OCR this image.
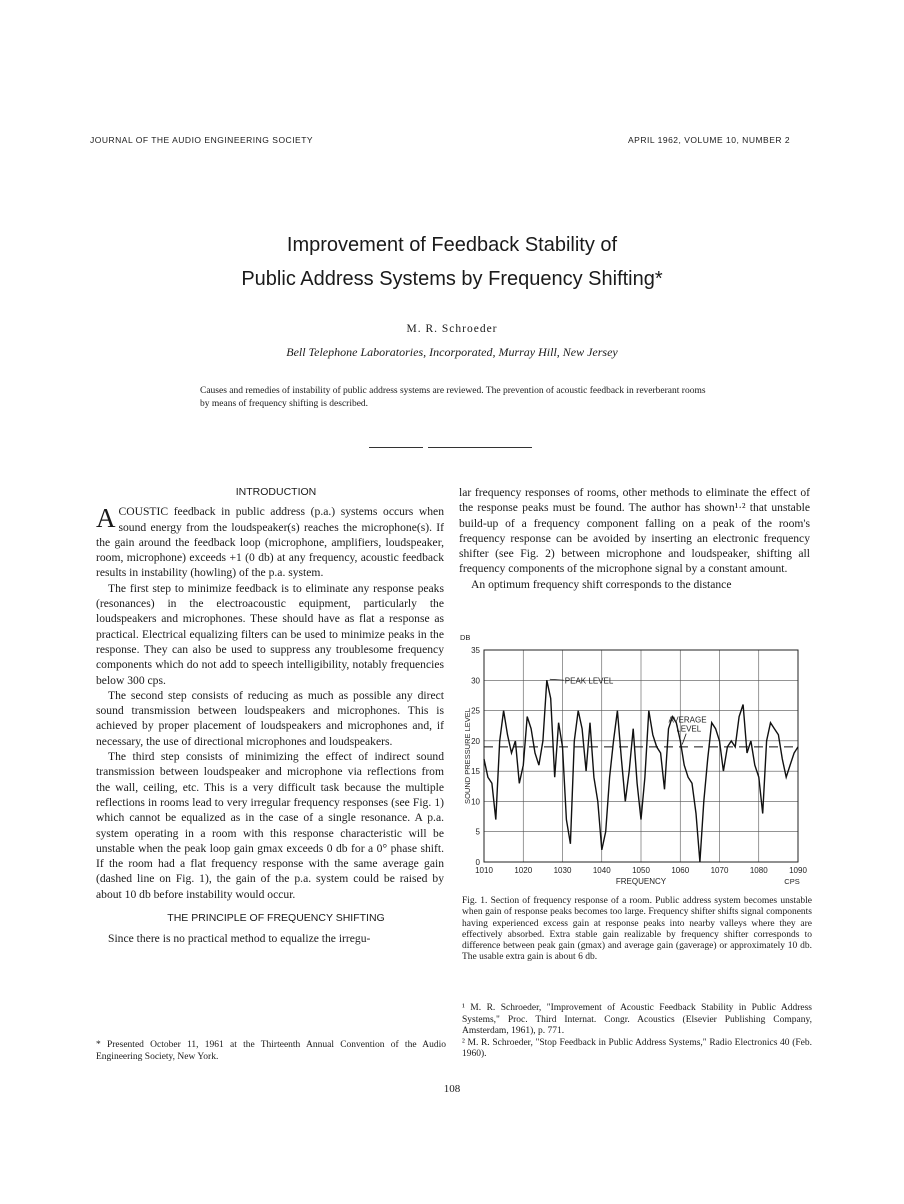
JOURNAL OF THE AUDIO ENGINEERING SOCIETY	APRIL 1962, VOLUME 10, NUMBER 2
Improvement of Feedback Stability of
Public Address Systems by Frequency Shifting*
M. R. Schroeder
Bell Telephone Laboratories, Incorporated, Murray Hill, New Jersey
Causes and remedies of instability of public address systems are reviewed. The prevention of acoustic feedback in reverberant rooms by means of frequency shifting is described.

INTRODUCTION

ACOUSTIC feedback in public address (p.a.) systems occurs when sound energy from the loudspeaker(s) reaches the microphone(s). If the gain around the feedback loop (microphone, amplifiers, loudspeaker, room, microphone) exceeds +1 (0 db) at any frequency, acoustic feedback results in instability (howling) of the p.a. system.

The first step to minimize feedback is to eliminate any response peaks (resonances) in the electroacoustic equipment, particularly the loudspeakers and microphones. These should have as flat a response as practical. Electrical equalizing filters can be used to minimize peaks in the response. They can also be used to suppress any troublesome frequency components which do not add to speech intelligibility, notably frequencies below 300 cps.

The second step consists of reducing as much as possible any direct sound transmission between loudspeakers and microphones. This is achieved by proper placement of loudspeakers and microphones and, if necessary, the use of directional microphones and loudspeakers.

The third step consists of minimizing the effect of indirect sound transmission between loudspeaker and microphone via reflections from the wall, ceiling, etc. This is a very difficult task because the multiple reflections in rooms lead to very irregular frequency responses (see Fig. 1) which cannot be equalized as in the case of a single resonance. A p.a. system operating in a room with this response characteristic will be unstable when the peak loop gain gmax exceeds 0 db for a 0° phase shift. If the room had a flat frequency response with the same average gain (dashed line on Fig. 1), the gain of the p.a. system could be raised by about 10 db before instability would occur.

THE PRINCIPLE OF FREQUENCY SHIFTING

Since there is no practical method to equalize the irregu-

* Presented October 11, 1961 at the Thirteenth Annual Convention of the Audio Engineering Society, New York.

lar frequency responses of rooms, other methods to eliminate the effect of the response peaks must be found. The author has shown¹·² that unstable build-up of a frequency component falling on a peak of the room's frequency response can be avoided by inserting an electronic frequency shifter (see Fig. 2) between microphone and loudspeaker, shifting all frequency components of the microphone signal by a constant amount.

An optimum frequency shift corresponds to the distance

0
5
10
15
20
25
30
35
1010	1020	1030	1040	1050	1060	1070	1080	1090
DB
CPS
FREQUENCY
SOUND PRESSURE LEVEL
PEAK LEVEL
AVERAGE
LEVEL
Fig. 1. Section of frequency response of a room. Public address system becomes unstable when gain of response peaks becomes too large. Frequency shifter shifts signal components having experienced excess gain at response peaks into nearby valleys where they are effectively absorbed. Extra stable gain realizable by frequency shifter corresponds to difference between peak gain (gmax) and average gain (gaverage) or approximately 10 db. The usable extra gain is about 6 db.
¹ M. R. Schroeder, "Improvement of Acoustic Feedback Stability in Public Address Systems," Proc. Third Internat. Congr. Acoustics (Elsevier Publishing Company, Amsterdam, 1961), p. 771.
² M. R. Schroeder, "Stop Feedback in Public Address Systems," Radio Electronics 40 (Feb. 1960).
108
